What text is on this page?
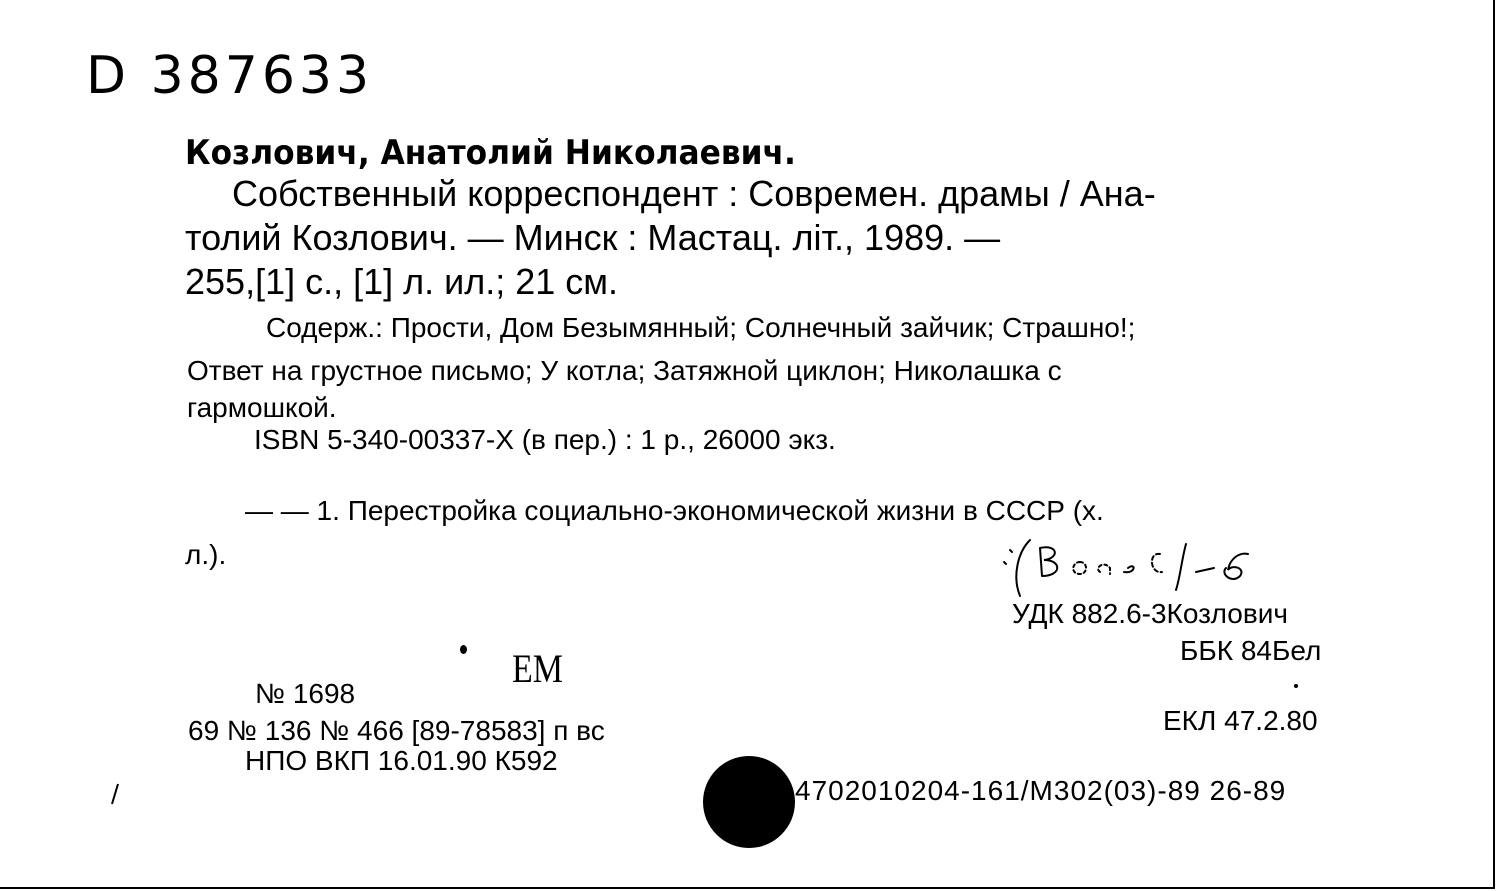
D 387633
Козлович, Анатолий Николаевич.
Собственный корреспондент : Современ. драмы / Ана-
толий Козлович. — Минск : Мастац. літ., 1989. —
255,[1] с., [1] л. ил.; 21 см.
Содерж.: Прости, Дом Безымянный; Солнечный зайчик; Страшно!;
Ответ на грустное письмо; У котла; Затяжной циклон; Николашка с
гармошкой.
ISBN 5-340-00337-X (в пер.) : 1 р., 26000 экз.
— — 1. Перестройка социально-экономической жизни в СССР (х.
л.).
УДК 882.6-3Козлович
ББК 84Бел
ЕКЛ 47.2.80
ЕМ
№ 1698
69 № 136 № 466 [89-78583] п вс
НПО ВКП 16.01.90 К592
4702010204-161/М302(03)-89 26-89
